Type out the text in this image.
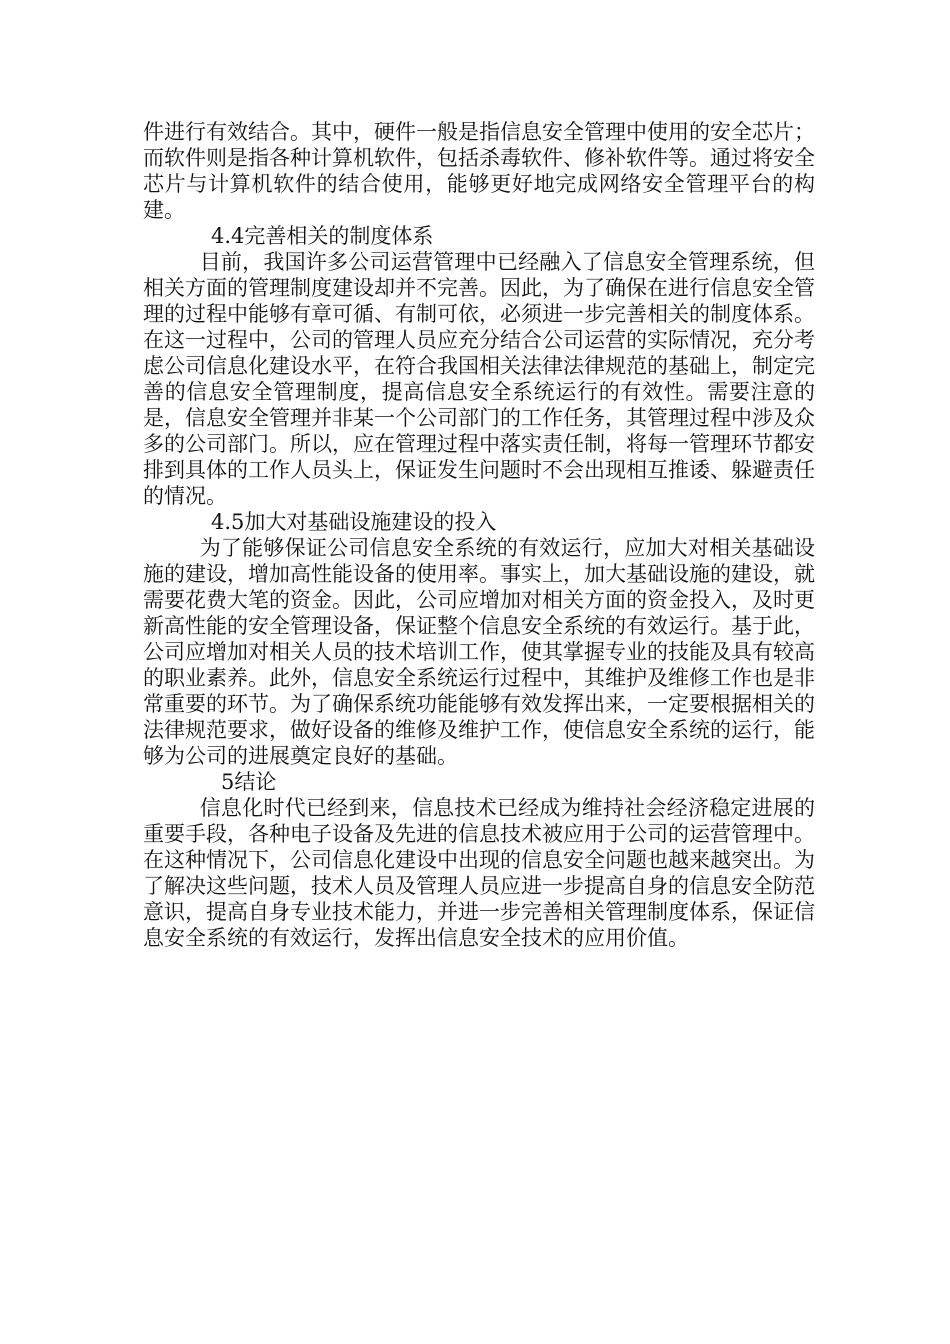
件进行有效结合。其中，硬件一般是指信息安全管理中使用的安全芯片；而软件则是指各种计算机软件，包括杀毒软件、修补软件等。通过将安全芯片与计算机软件的结合使用，能够更好地完成网络安全管理平台的构建。

4.4完善相关的制度体系

目前，我国许多公司运营管理中已经融入了信息安全管理系统，但相关方面的管理制度建设却并不完善。因此，为了确保在进行信息安全管理的过程中能够有章可循、有制可依，必须进一步完善相关的制度体系。在这一过程中，公司的管理人员应充分结合公司运营的实际情况，充分考虑公司信息化建设水平，在符合我国相关法律法律规范的基础上，制定完善的信息安全管理制度，提高信息安全系统运行的有效性。需要注意的是，信息安全管理并非某一个公司部门的工作任务，其管理过程中涉及众多的公司部门。所以，应在管理过程中落实责任制，将每一管理环节都安排到具体的工作人员头上，保证发生问题时不会出现相互推诿、躲避责任的情况。

4.5加大对基础设施建设的投入

为了能够保证公司信息安全系统的有效运行，应加大对相关基础设施的建设，增加高性能设备的使用率。事实上，加大基础设施的建设，就需要花费大笔的资金。因此，公司应增加对相关方面的资金投入，及时更新高性能的安全管理设备，保证整个信息安全系统的有效运行。基于此，公司应增加对相关人员的技术培训工作，使其掌握专业的技能及具有较高的职业素养。此外，信息安全系统运行过程中，其维护及维修工作也是非常重要的环节。为了确保系统功能能够有效发挥出来，一定要根据相关的法律规范要求，做好设备的维修及维护工作，使信息安全系统的运行，能够为公司的进展奠定良好的基础。

5结论

信息化时代已经到来，信息技术已经成为维持社会经济稳定进展的重要手段，各种电子设备及先进的信息技术被应用于公司的运营管理中。在这种情况下，公司信息化建设中出现的信息安全问题也越来越突出。为了解决这些问题，技术人员及管理人员应进一步提高自身的信息安全防范意识，提高自身专业技术能力，并进一步完善相关管理制度体系，保证信息安全系统的有效运行，发挥出信息安全技术的应用价值。
